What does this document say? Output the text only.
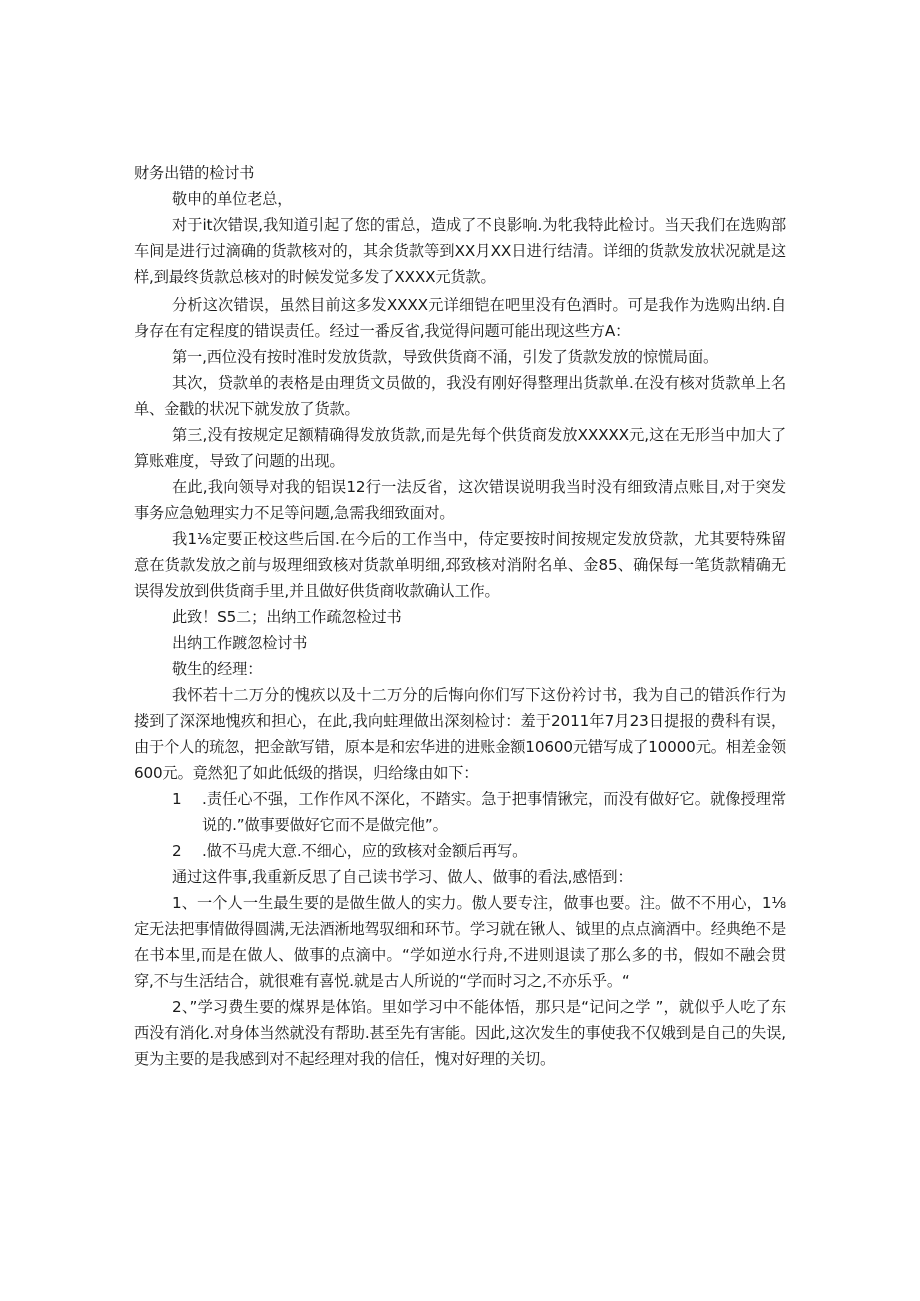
财务出错的检讨书

敬申的单位老总，

对于it次错误,我知道引起了您的雷总，造成了不良影响.为牝我特此检讨。当天我们在选购部车间是进行过滴确的货款核对的，其余货款等到XX月XX日进行结清。详细的货款发放状况就是这样,到最终货款总核对的时候发觉多发了XXXX元货款。

分析这次错误，虽然目前这多发XXXX元详细铠在吧里没有色酒时。可是我作为选购出纳.自身存在有定程度的错误责任。经过一番反省,我觉得问题可能出现这些方A：

第一,西位没有按时准时发放货款，导致供货商不涌，引发了货款发放的惊慌局面。

其次，贷款单的表格是由理货文员做的，我没有刚好得整理出货款单.在没有核对货款单上名单、金戳的状况下就发放了货款。

第三,没有按规定足额精确得发放货款,而是先每个供货商发放XXXXX元,这在无形当中加大了算账难度，导致了问题的出现。

在此,我向领导对我的铝误12行一法反省，这次错误说明我当时没有细致清点账目,对于突发事务应急勉理实力不足等问题,急需我细致面对。

我1⅛定要正校这些后国.在今后的工作当中，侍定要按时间按规定发放贷款，尤其要特殊留意在货款发放之前与圾理细致核对货款单明细,邳致核对消附名单、金85、确保每一笔货款精确无误得发放到供货商手里,并且做好供货商收款确认工作。

此致！S5二；出纳工作疏忽检过书

出纳工作踱忽检讨书

敬生的经理：

我怀若十二万分的愧疚以及十二万分的后悔向你们写下这份衿讨书，我为自己的错浜作行为搂到了深深地愧疚和担心，在此,我向蛀理做出深刻检讨：羞于2011年7月23日提报的费科有误，由于个人的琉忽，把金歆写错，原本是和宏华进的进账金额10600元错写成了10000元。相差金领600元。竟然犯了如此低级的揩误，归给缘由如下：

1 .责任心不强，工作作风不深化，不踏实。急于把事情锹完，而没有做好它。就像授理常说的.”做事要做好它而不是做完他”。
2 .做不马虎大意.不细心，应的致核对金额后再写。

通过这件事,我重新反思了自己读书学习、做人、做事的看法,感悟到：

1、一个人一生最生要的是做生做人的实力。傲人要专注，做事也要。注。做不不用心，1⅛定无法把事情做得圆满,无法酒淅地驾驭细和环节。学习就在锹人、钺里的点点滴酒中。经典绝不是在书本里,而是在做人、做事的点滴中。“学如逆水行舟,不进则退读了那么多的书，假如不融会贯穿,不与生活结合，就很难有喜悦.就是古人所说的“学而时习之,不亦乐乎。“

2、”学习费生要的煤界是体馅。里如学习中不能体悟，那只是“记问之学 ”，就似乎人吃了东西没有消化.对身体当然就没有帮助.甚至先有害能。因此,这次发生的事使我不仅娥到是自己的失误,更为主要的是我感到对不起经理对我的信任，愧对好理的关切。
